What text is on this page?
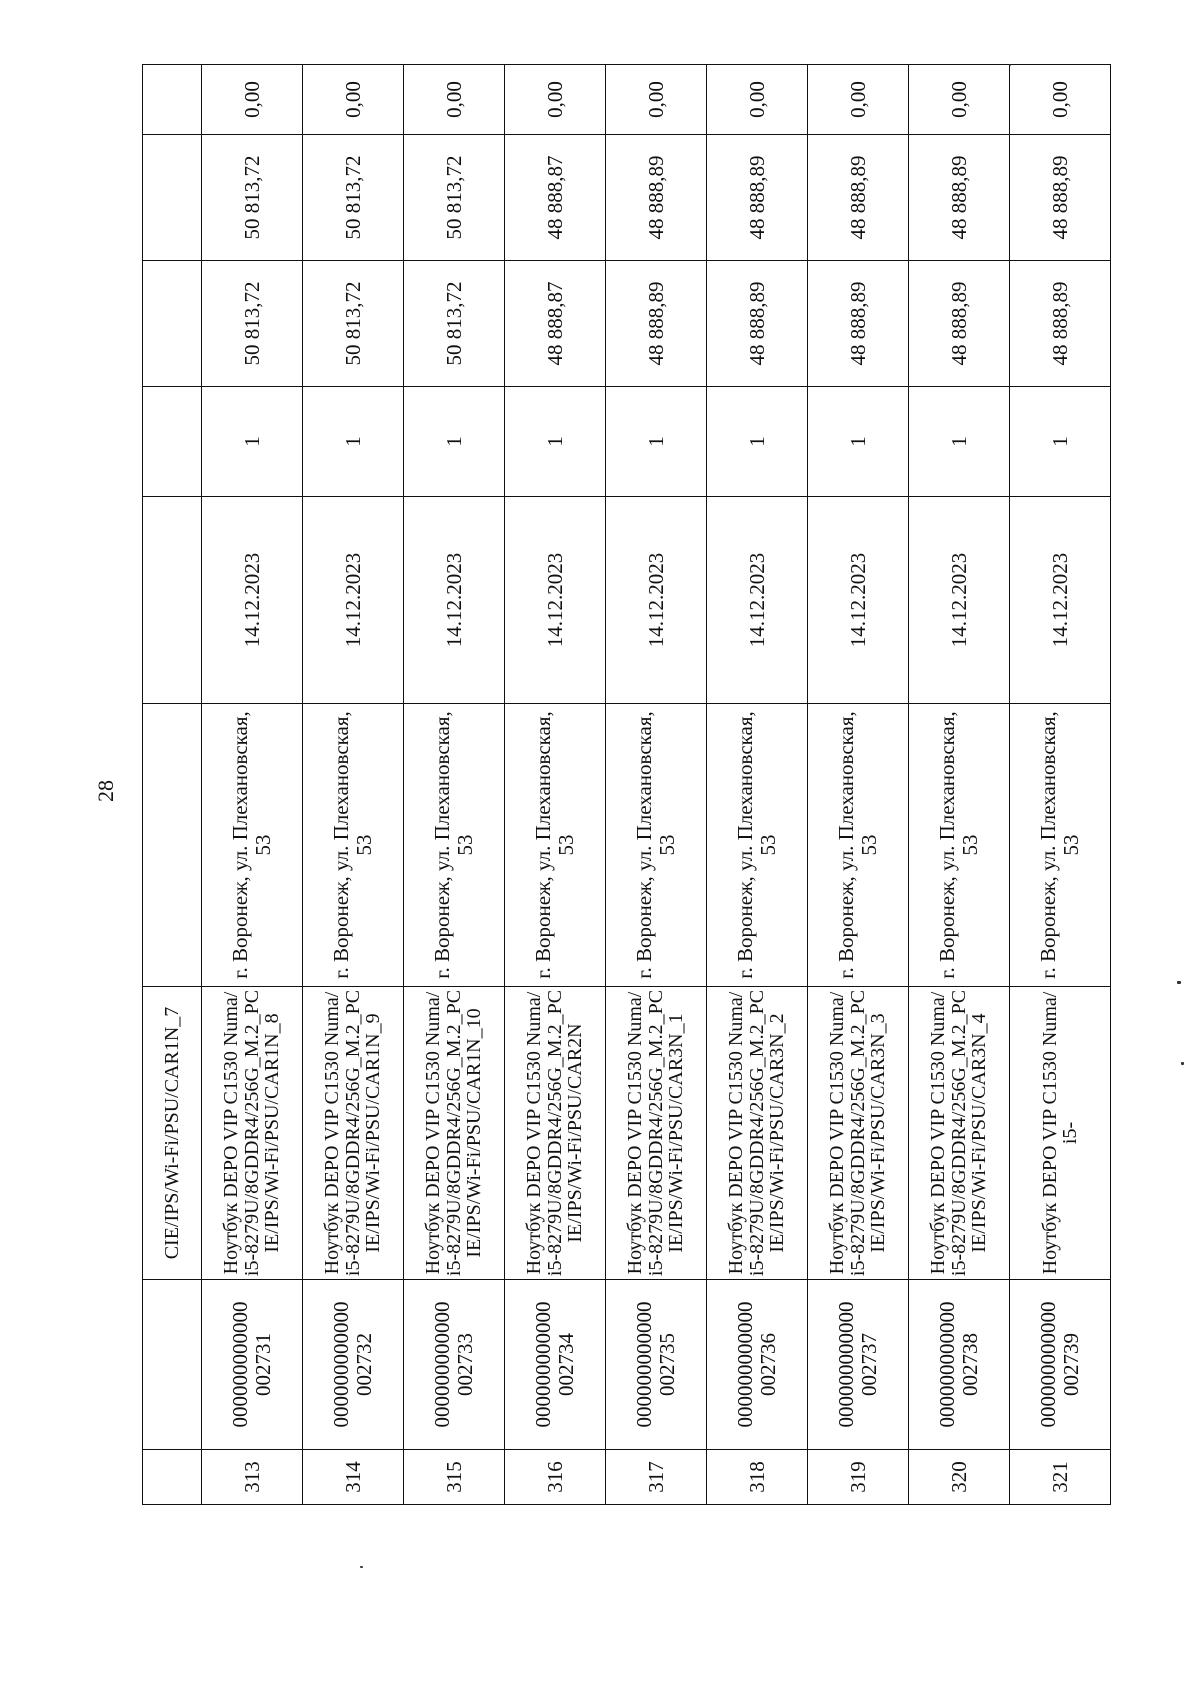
28
		CIE/IPS/Wi-Fi/PSU/CAR1N_7						
313	000000000000 002731	Ноутбук DEPO VIP C1530 Numa/i5-8279U/8GDDR4/256G_M.2_PCIE/IPS/Wi-Fi/PSU/CAR1N_8	г. Воронеж, ул. Плехановская, 53	14.12.2023	1	50 813,72	50 813,72	0,00
314	000000000000 002732	Ноутбук DEPO VIP C1530 Numa/i5-8279U/8GDDR4/256G_M.2_PCIE/IPS/Wi-Fi/PSU/CAR1N_9	г. Воронеж, ул. Плехановская, 53	14.12.2023	1	50 813,72	50 813,72	0,00
315	000000000000 002733	Ноутбук DEPO VIP C1530 Numa/i5-8279U/8GDDR4/256G_M.2_PCIE/IPS/Wi-Fi/PSU/CAR1N_10	г. Воронеж, ул. Плехановская, 53	14.12.2023	1	50 813,72	50 813,72	0,00
316	000000000000 002734	Ноутбук DEPO VIP C1530 Numa/i5-8279U/8GDDR4/256G_M.2_PCIE/IPS/Wi-Fi/PSU/CAR2N	г. Воронеж, ул. Плехановская, 53	14.12.2023	1	48 888,87	48 888,87	0,00
317	000000000000 002735	Ноутбук DEPO VIP C1530 Numa/i5-8279U/8GDDR4/256G_M.2_PCIE/IPS/Wi-Fi/PSU/CAR3N_1	г. Воронеж, ул. Плехановская, 53	14.12.2023	1	48 888,89	48 888,89	0,00
318	000000000000 002736	Ноутбук DEPO VIP C1530 Numa/i5-8279U/8GDDR4/256G_M.2_PCIE/IPS/Wi-Fi/PSU/CAR3N_2	г. Воронеж, ул. Плехановская, 53	14.12.2023	1	48 888,89	48 888,89	0,00
319	000000000000 002737	Ноутбук DEPO VIP C1530 Numa/i5-8279U/8GDDR4/256G_M.2_PCIE/IPS/Wi-Fi/PSU/CAR3N_3	г. Воронеж, ул. Плехановская, 53	14.12.2023	1	48 888,89	48 888,89	0,00
320	000000000000 002738	Ноутбук DEPO VIP C1530 Numa/i5-8279U/8GDDR4/256G_M.2_PCIE/IPS/Wi-Fi/PSU/CAR3N_4	г. Воронеж, ул. Плехановская, 53	14.12.2023	1	48 888,89	48 888,89	0,00
321	000000000000 002739	Ноутбук DEPO VIP C1530 Numa/i5-	г. Воронеж, ул. Плехановская, 53	14.12.2023	1	48 888,89	48 888,89	0,00
